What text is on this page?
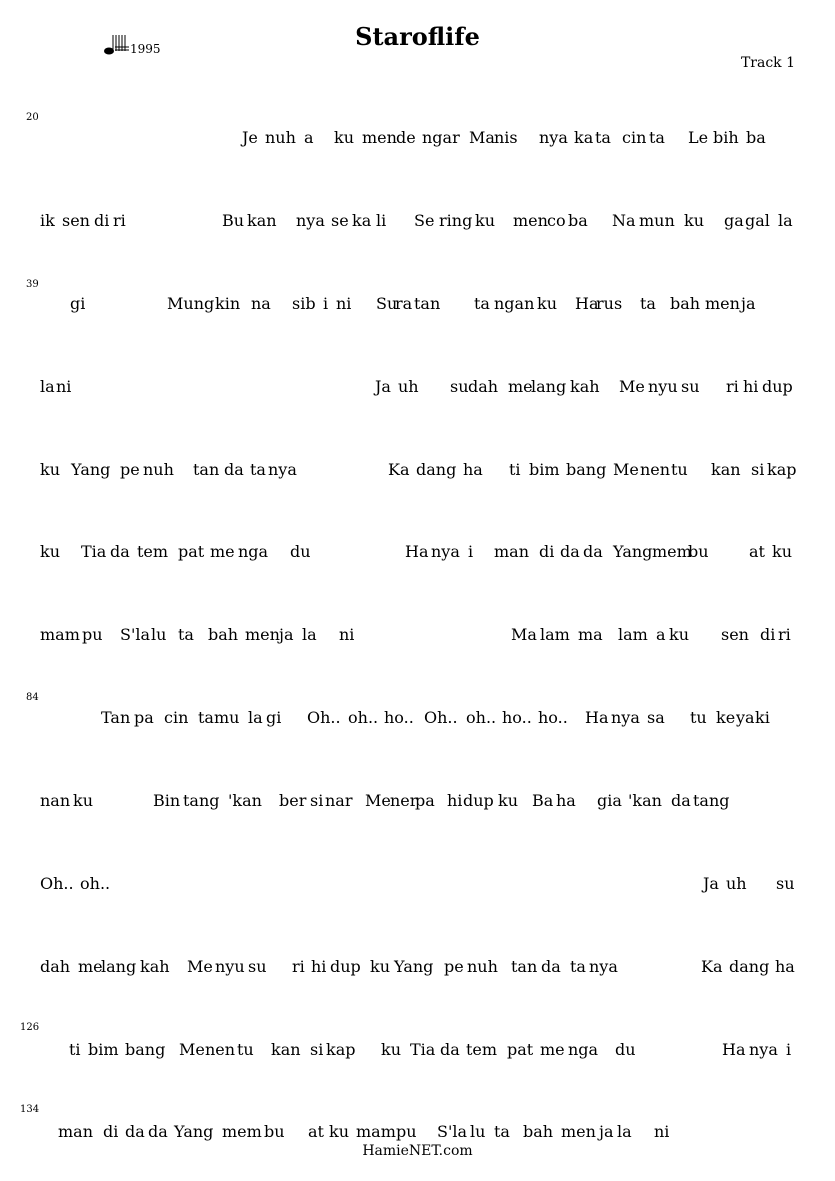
Staroflife
Track 1
1995
20
39
84
126
134
Je nuh a ku men de ngar Ma nis nya ka ta cin ta Le bih ba
ik sen di ri	Bu kan nya se ka li Se ring ku men co ba Na mun ku ga gal la
gi	Mung kin na sib i ni Su
ra tan ta ngan ku Ha
rus ta bah men ja
la ni	Ja uh su dah me
lang kah Me nyu su ri hi dup
ku Yang pe nuh tan da ta nya	Ka dang ha ti bim bang Me nen tu kan si kap
ku Tia da tem pat me nga du	Ha nya i man di da da Yang mem
bu	at ku
mam pu S'la lu ta bah men ja la ni	Ma lam ma lam a ku sen di ri
Tan pa cin ta mu la gi Oh.. oh.. ho.. Oh.. oh.. ho.. ho.. Ha nya sa tu ke ya ki
nan ku	Bin tang 'kan ber si nar Me ner
pa hi dup ku Ba ha gia 'kan da tang
Oh.. oh..	Ja uh su
dah me
lang kah Me nyu su ri hi dup ku Yang pe nuh tan da ta nya	Ka dang ha
ti bim bang Me nen tu kan si kap ku Tia da tem pat me nga du	Ha nya i
man di da da Yang mem bu at ku mam pu S'la lu ta bah men ja la ni
HamieNET.com
